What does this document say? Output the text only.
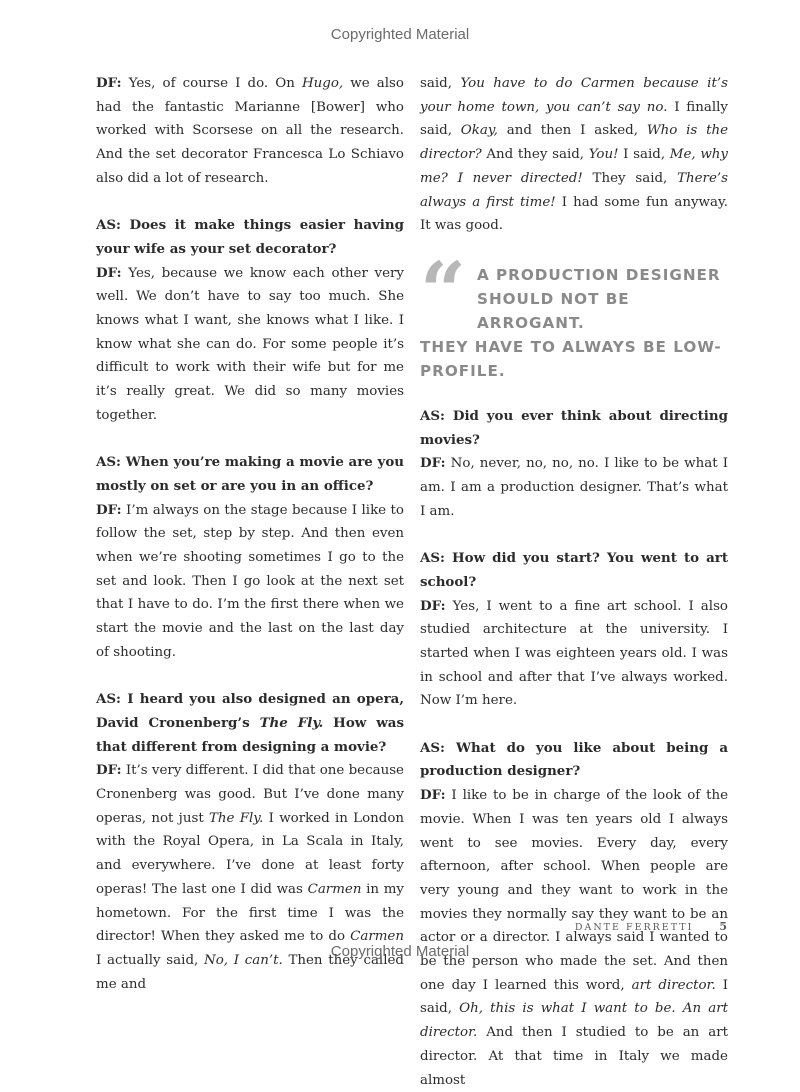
Copyrighted Material

DF: Yes, of course I do. On Hugo, we also had the fantastic Marianne [Bower] who worked with Scorsese on all the research. And the set decorator Francesca Lo Schiavo also did a lot of research.

AS: Does it make things easier having your wife as your set decorator?

DF: Yes, because we know each other very well. We don’t have to say too much. She knows what I want, she knows what I like. I know what she can do. For some people it’s difficult to work with their wife but for me it’s really great. We did so many movies together.

AS: When you’re making a movie are you mostly on set or are you in an office?

DF: I’m always on the stage because I like to follow the set, step by step. And then even when we’re shooting sometimes I go to the set and look. Then I go look at the next set that I have to do. I’m the first there when we start the movie and the last on the last day of shooting.

AS: I heard you also designed an opera, David Cronenberg’s The Fly. How was that different from designing a movie?

DF: It’s very different. I did that one because Cronenberg was good. But I’ve done many operas, not just The Fly. I worked in London with the Royal Opera, in La Scala in Italy, and everywhere. I’ve done at least forty operas! The last one I did was Carmen in my hometown. For the first time I was the director! When they asked me to do Carmen I actually said, No, I can’t. Then they called me and

said, You have to do Carmen because it’s your home town, you can’t say no. I finally said, Okay, and then I asked, Who is the director? And they said, You! I said, Me, why me? I never directed! They said, There’s always a first time! I had some fun anyway. It was good.

“ A PRODUCTION DESIGNER
SHOULD NOT BE ARROGANT.
THEY HAVE TO ALWAYS BE LOW-PROFILE.

AS: Did you ever think about directing movies?

DF: No, never, no, no, no. I like to be what I am. I am a production designer. That’s what I am.

AS: How did you start? You went to art school?

DF: Yes, I went to a fine art school. I also studied architecture at the university. I started when I was eighteen years old. I was in school and after that I’ve always worked. Now I’m here.

AS: What do you like about being a production designer?

DF: I like to be in charge of the look of the movie. When I was ten years old I always went to see movies. Every day, every afternoon, after school. When people are very young and they want to work in the movies they normally say they want to be an actor or a director. I always said I wanted to be the person who made the set. And then one day I learned this word, art director. I said, Oh, this is what I want to be. An art director. And then I studied to be an art director. At that time in Italy we made almost

DANTE FERRETTI 5
Copyrighted Material
